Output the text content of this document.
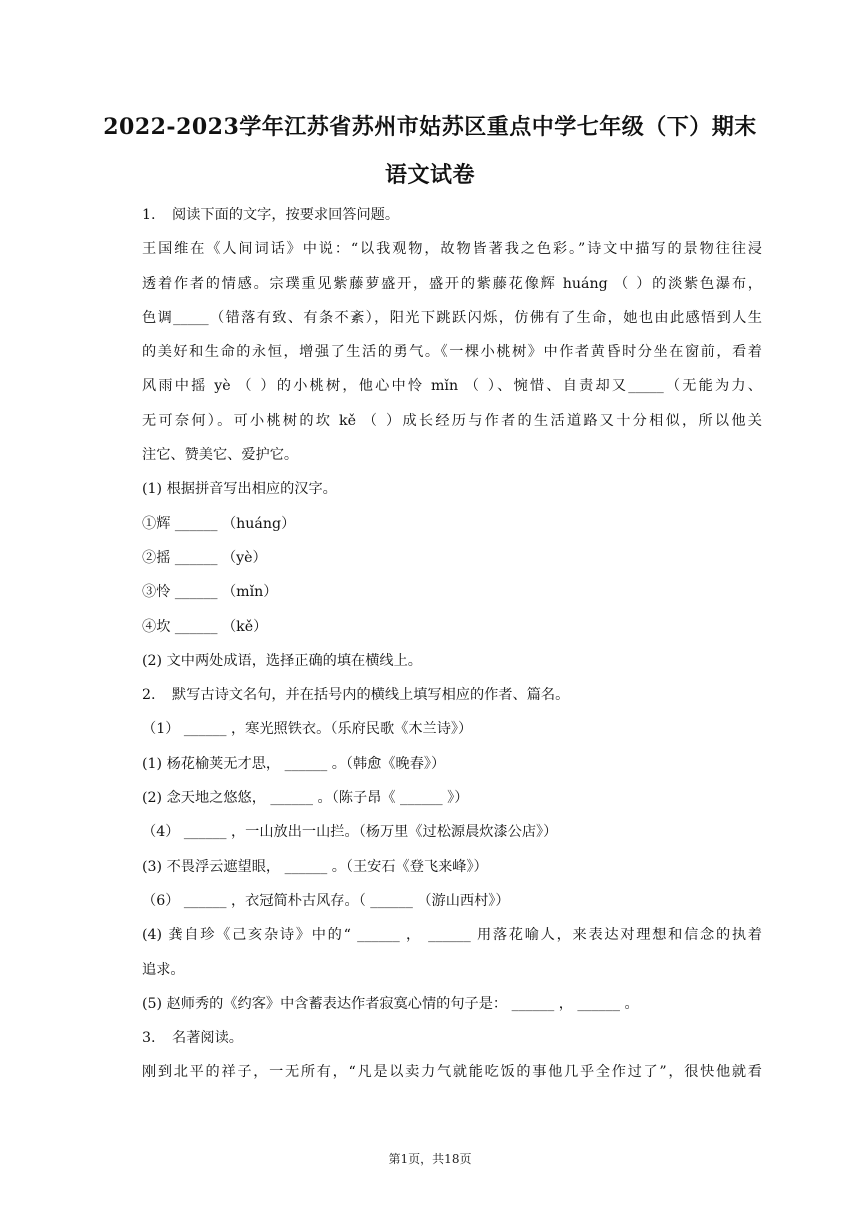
2022-2023学年江苏省苏州市姑苏区重点中学七年级（下）期末
语文试卷
1. 阅读下面的文字，按要求回答问题。
王国维在《人间词话》中说：“以我观物，故物皆著我之色彩。”诗文中描写的景物往往浸
透着作者的情感。宗璞重见紫藤萝盛开，盛开的紫藤花像辉 huáng （ ）的淡紫色瀑布，
色调_____（错落有致、有条不紊），阳光下跳跃闪烁，仿佛有了生命，她也由此感悟到人生
的美好和生命的永恒，增强了生活的勇气。《一棵小桃树》中作者黄昏时分坐在窗前，看着
风雨中摇 yè （ ）的小桃树，他心中怜 mǐn （ ）、惋惜、自责却又_____（无能为力、
无可奈何）。可小桃树的坎 kě （ ）成长经历与作者的生活道路又十分相似，所以他关
注它、赞美它、爱护它。
(1) 根据拼音写出相应的汉字。
①辉 ______ （huáng）
②摇 ______ （yè）
③怜 ______ （mǐn）
④坎 ______ （kě）
(2) 文中两处成语，选择正确的填在横线上。
2. 默写古诗文名句，并在括号内的横线上填写相应的作者、篇名。
（1） ______ ，寒光照铁衣。（乐府民歌《木兰诗》）
(1) 杨花榆荚无才思， ______ 。（韩愈《晚春》）
(2) 念天地之悠悠， ______ 。（陈子昂《 ______ 》）
（4） ______ ，一山放出一山拦。（杨万里《过松源晨炊漆公店》）
(3) 不畏浮云遮望眼， ______ 。（王安石《登飞来峰》）
（6） ______ ，衣冠简朴古风存。（ ______ （游山西村》）
(4) 龚自珍《己亥杂诗》中的“ ______ ， ______ 用落花喻人，来表达对理想和信念的执着
追求。
(5) 赵师秀的《约客》中含蓄表达作者寂寞心情的句子是： ______ ， ______ 。
3. 名著阅读。
刚到北平的祥子，一无所有，“凡是以卖力气就能吃饭的事他几乎全作过了”，很快他就看
第1页，共18页
